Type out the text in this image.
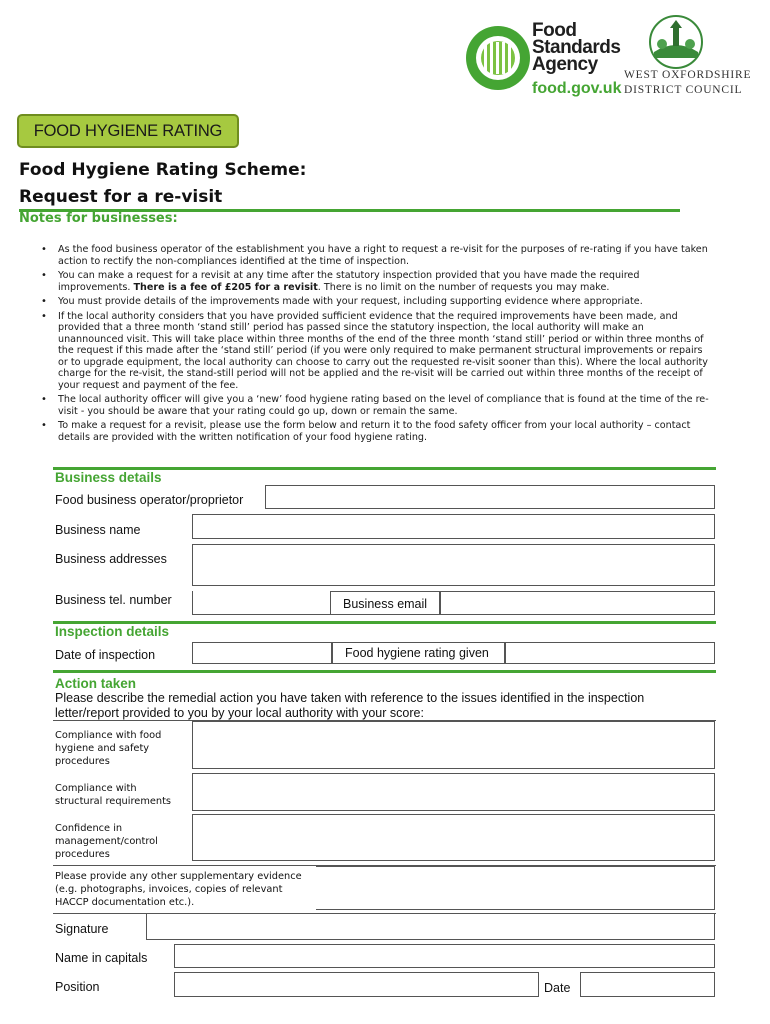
Food
Standards
Agency
food.gov.uk
WEST OXFORDSHIRE
DISTRICT COUNCIL
FOOD HYGIENE RATING
Food Hygiene Rating Scheme:
Request for a re-visit
Notes for businesses:
• As the food business operator of the establishment you have a right to request a re-visit for the purposes of re-rating if you have taken action to rectify the non-compliances identified at the time of inspection.
• You can make a request for a revisit at any time after the statutory inspection provided that you have made the required improvements. There is a fee of £205 for a revisit. There is no limit on the number of requests you may make.
• You must provide details of the improvements made with your request, including supporting evidence where appropriate.
• If the local authority considers that you have provided sufficient evidence that the required improvements have been made, and provided that a three month ‘stand still’ period has passed since the statutory inspection, the local authority will make an unannounced visit. This will take place within three months of the end of the three month ‘stand still’ period or within three months of the request if this made after the ‘stand still’ period (if you were only required to make permanent structural improvements or repairs or to upgrade equipment, the local authority can choose to carry out the requested re-visit sooner than this). Where the local authority charge for the re-visit, the stand-still period will not be applied and the re-visit will be carried out within three months of the receipt of your request and payment of the fee.
• The local authority officer will give you a ‘new’ food hygiene rating based on the level of compliance that is found at the time of the re-visit - you should be aware that your rating could go up, down or remain the same.
• To make a request for a revisit, please use the form below and return it to the food safety officer from your local authority – contact details are provided with the written notification of your food hygiene rating.
Business details
Food business operator/proprietor
Business name
Business addresses
Business tel. number	Business email
Inspection details
Date of inspection	Food hygiene rating given
Action taken
Please describe the remedial action you have taken with reference to the issues identified in the inspection letter/report provided to you by your local authority with your score:
Compliance with food
hygiene and safety
procedures
Compliance with
structural requirements
Confidence in
management/control
procedures
Please provide any other supplementary evidence
(e.g. photographs, invoices, copies of relevant
HACCP documentation etc.).
Signature
Name in capitals
Position	Date
